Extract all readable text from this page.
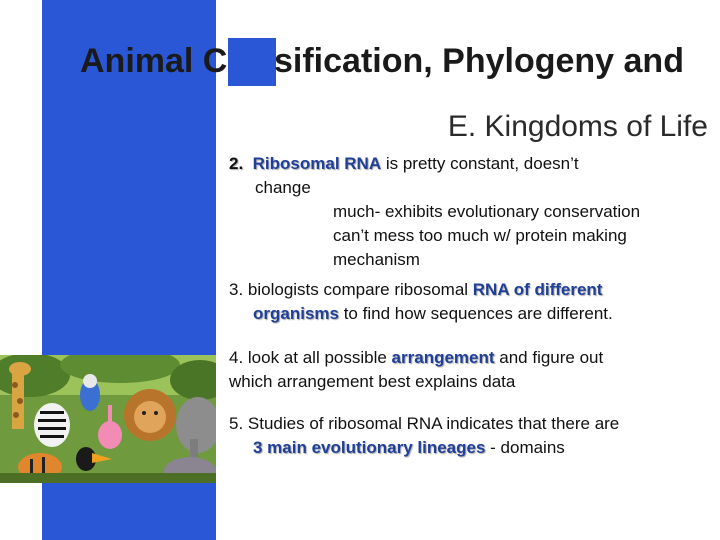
Animal C sification, Phylogeny and
E. Kingdoms of Life
2. Ribosomal RNA is pretty constant, doesn’t
change
much- exhibits evolutionary conservation
can’t mess too much w/ protein making
mechanism
3. biologists compare ribosomal RNA of different
organisms to find how sequences are different.
4. look at all possible arrangement and figure out
which arrangement best explains data
5. Studies of ribosomal RNA indicates that there are
3 main evolutionary lineages - domains
